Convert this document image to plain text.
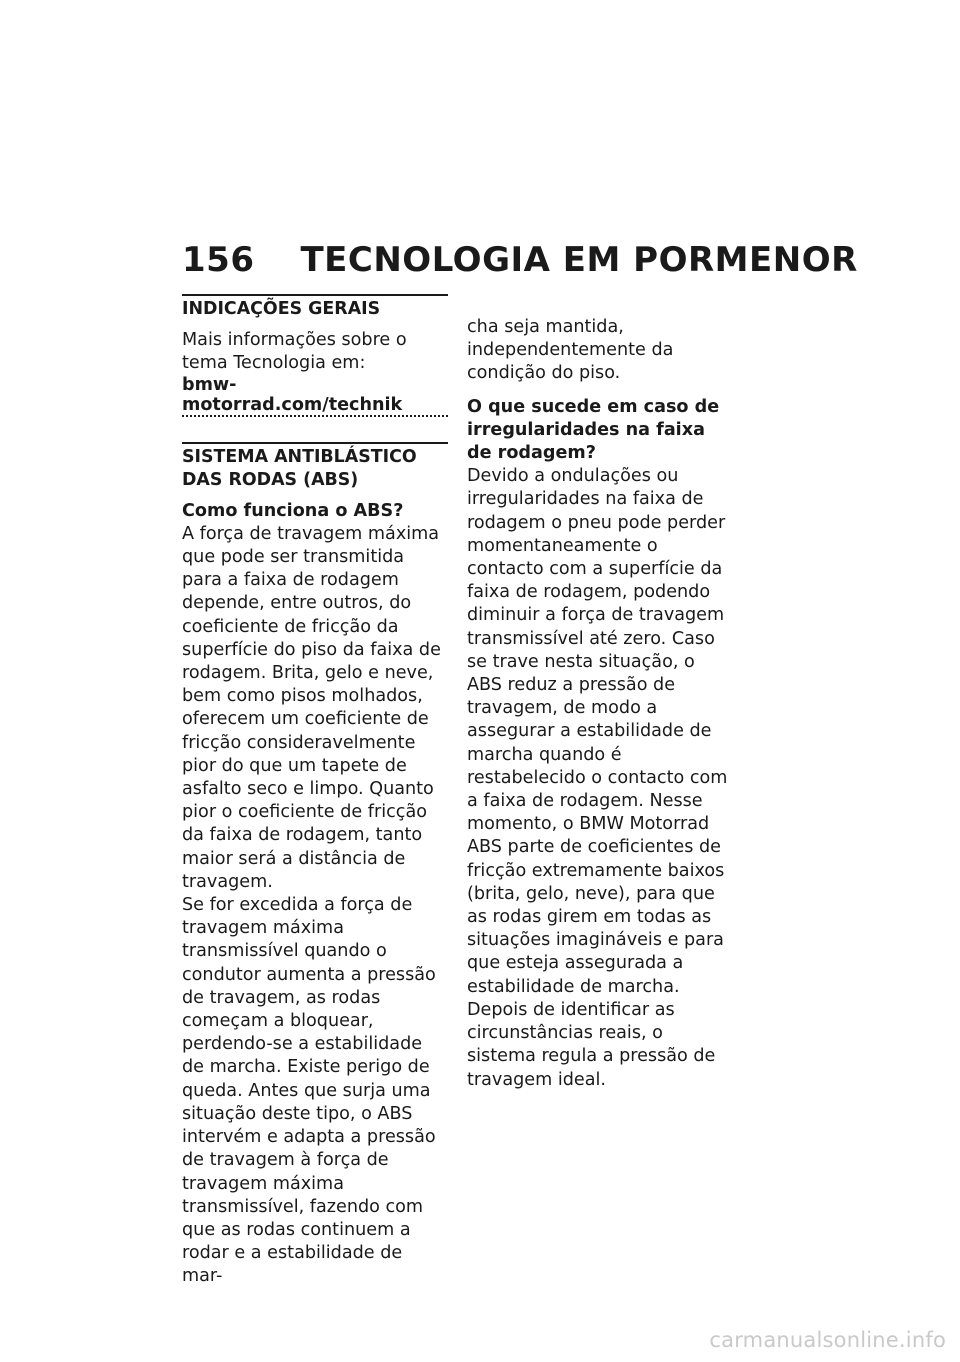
156 TECNOLOGIA EM PORMENOR
INDICAÇÕES GERAIS

Mais informações sobre o tema Tecnologia em:

bmw-motorrad.com/technik
SISTEMA ANTIBLÁSTICO DAS RODAS (ABS)
Como funciona o ABS?

A força de travagem máxima que pode ser transmitida para a faixa de rodagem depende, entre outros, do coeficiente de fricção da superfície do piso da faixa de rodagem. Brita, gelo e neve, bem como pisos molhados, oferecem um coeficiente de fricção consideravelmente pior do que um tapete de asfalto seco e limpo. Quanto pior o coeficiente de fricção da faixa de rodagem, tanto maior será a distância de travagem.

Se for excedida a força de travagem máxima transmissível quando o condutor aumenta a pressão de travagem, as rodas começam a bloquear, perdendo-se a estabilidade de marcha. Existe perigo de queda. Antes que surja uma situação deste tipo, o ABS intervém e adapta a pressão de travagem à força de travagem máxima transmissível, fazendo com que as rodas continuem a rodar e a estabilidade de mar-

cha seja mantida, independentemente da condição do piso.

O que sucede em caso de irregularidades na faixa de rodagem?

Devido a ondulações ou irregularidades na faixa de rodagem o pneu pode perder momentaneamente o contacto com a superfície da faixa de rodagem, podendo diminuir a força de travagem transmissível até zero. Caso se trave nesta situação, o ABS reduz a pressão de travagem, de modo a assegurar a estabilidade de marcha quando é restabelecido o contacto com a faixa de rodagem. Nesse momento, o BMW Motorrad ABS parte de coeficientes de fricção extremamente baixos (brita, gelo, neve), para que as rodas girem em todas as situações imagináveis e para que esteja assegurada a estabilidade de marcha. Depois de identificar as circunstâncias reais, o sistema regula a pressão de travagem ideal.

carmanualsonline.info
